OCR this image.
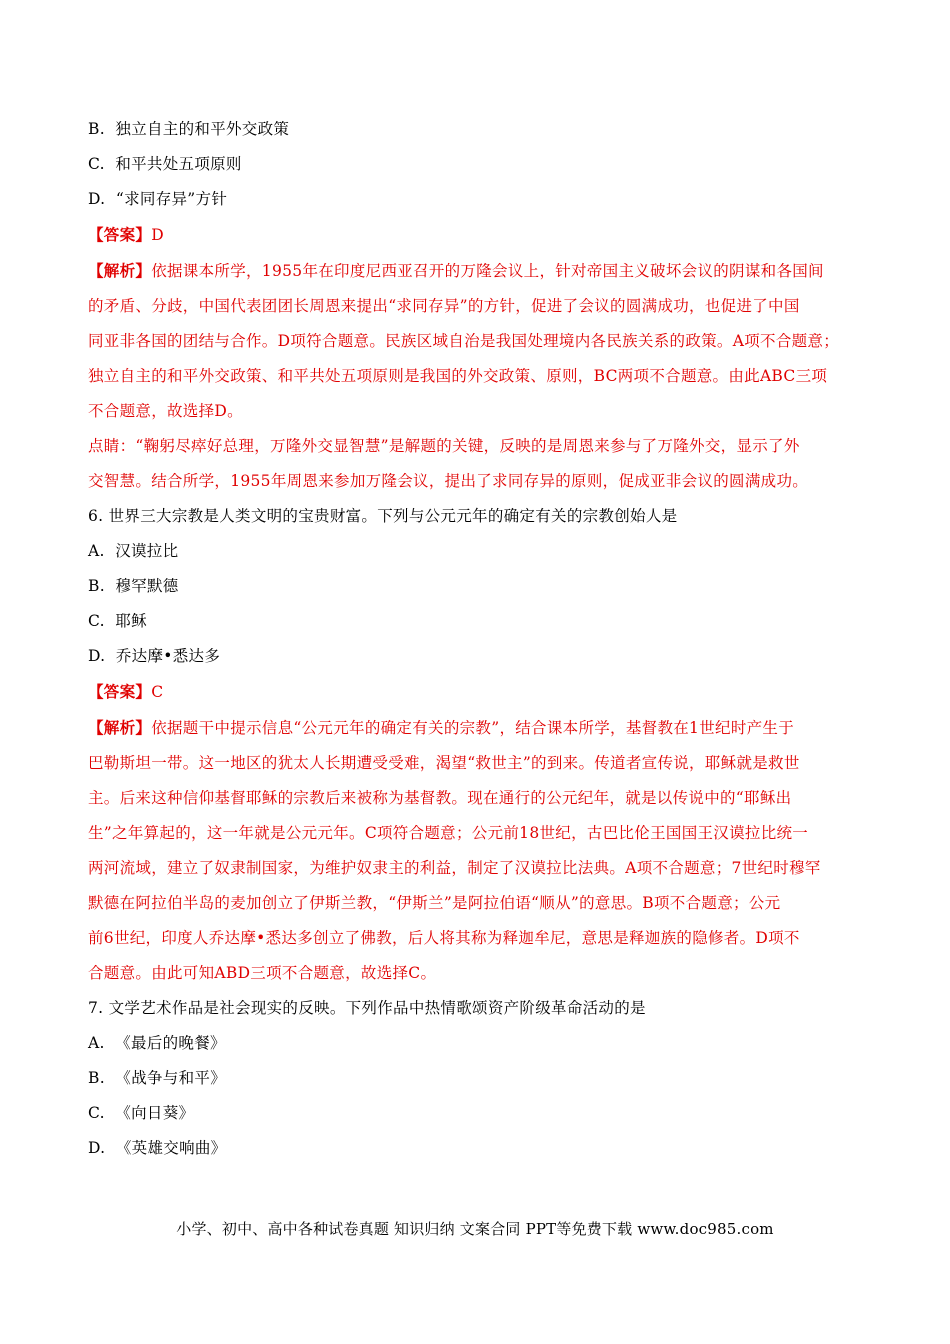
B. 独立自主的和平外交政策
C. 和平共处五项原则
D. “求同存异”方针
【答案】D
【解析】依据课本所学，1955年在印度尼西亚召开的万隆会议上，针对帝国主义破坏会议的阴谋和各国间
的矛盾、分歧，中国代表团团长周恩来提出“求同存异”的方针，促进了会议的圆满成功，也促进了中国
同亚非各国的团结与合作。D项符合题意。民族区域自治是我国处理境内各民族关系的政策。A项不合题意；
独立自主的和平外交政策、和平共处五项原则是我国的外交政策、原则，BC两项不合题意。由此ABC三项
不合题意，故选择D。
点睛：“鞠躬尽瘁好总理，万隆外交显智慧”是解题的关键，反映的是周恩来参与了万隆外交，显示了外
交智慧。结合所学，1955年周恩来参加万隆会议，提出了求同存异的原则，促成亚非会议的圆满成功。
6. 世界三大宗教是人类文明的宝贵财富。下列与公元元年的确定有关的宗教创始人是
A. 汉谟拉比
B. 穆罕默德
C. 耶稣
D. 乔达摩•悉达多
【答案】C
【解析】依据题干中提示信息“公元元年的确定有关的宗教”，结合课本所学，基督教在1世纪时产生于
巴勒斯坦一带。这一地区的犹太人长期遭受受难，渴望“救世主”的到来。传道者宣传说，耶稣就是救世
主。后来这种信仰基督耶稣的宗教后来被称为基督教。现在通行的公元纪年，就是以传说中的“耶稣出
生”之年算起的，这一年就是公元元年。C项符合题意；公元前18世纪，古巴比伦王国国王汉谟拉比统一
两河流域，建立了奴隶制国家，为维护奴隶主的利益，制定了汉谟拉比法典。A项不合题意；7世纪时穆罕
默德在阿拉伯半岛的麦加创立了伊斯兰教，“伊斯兰”是阿拉伯语“顺从”的意思。B项不合题意；公元
前6世纪，印度人乔达摩•悉达多创立了佛教，后人将其称为释迦牟尼，意思是释迦族的隐修者。D项不
合题意。由此可知ABD三项不合题意，故选择C。
7. 文学艺术作品是社会现实的反映。下列作品中热情歌颂资产阶级革命活动的是
A. 《最后的晚餐》
B. 《战争与和平》
C. 《向日葵》
D. 《英雄交响曲》
小学、初中、高中各种试卷真题 知识归纳 文案合同 PPT等免费下载 www.doc985.com
